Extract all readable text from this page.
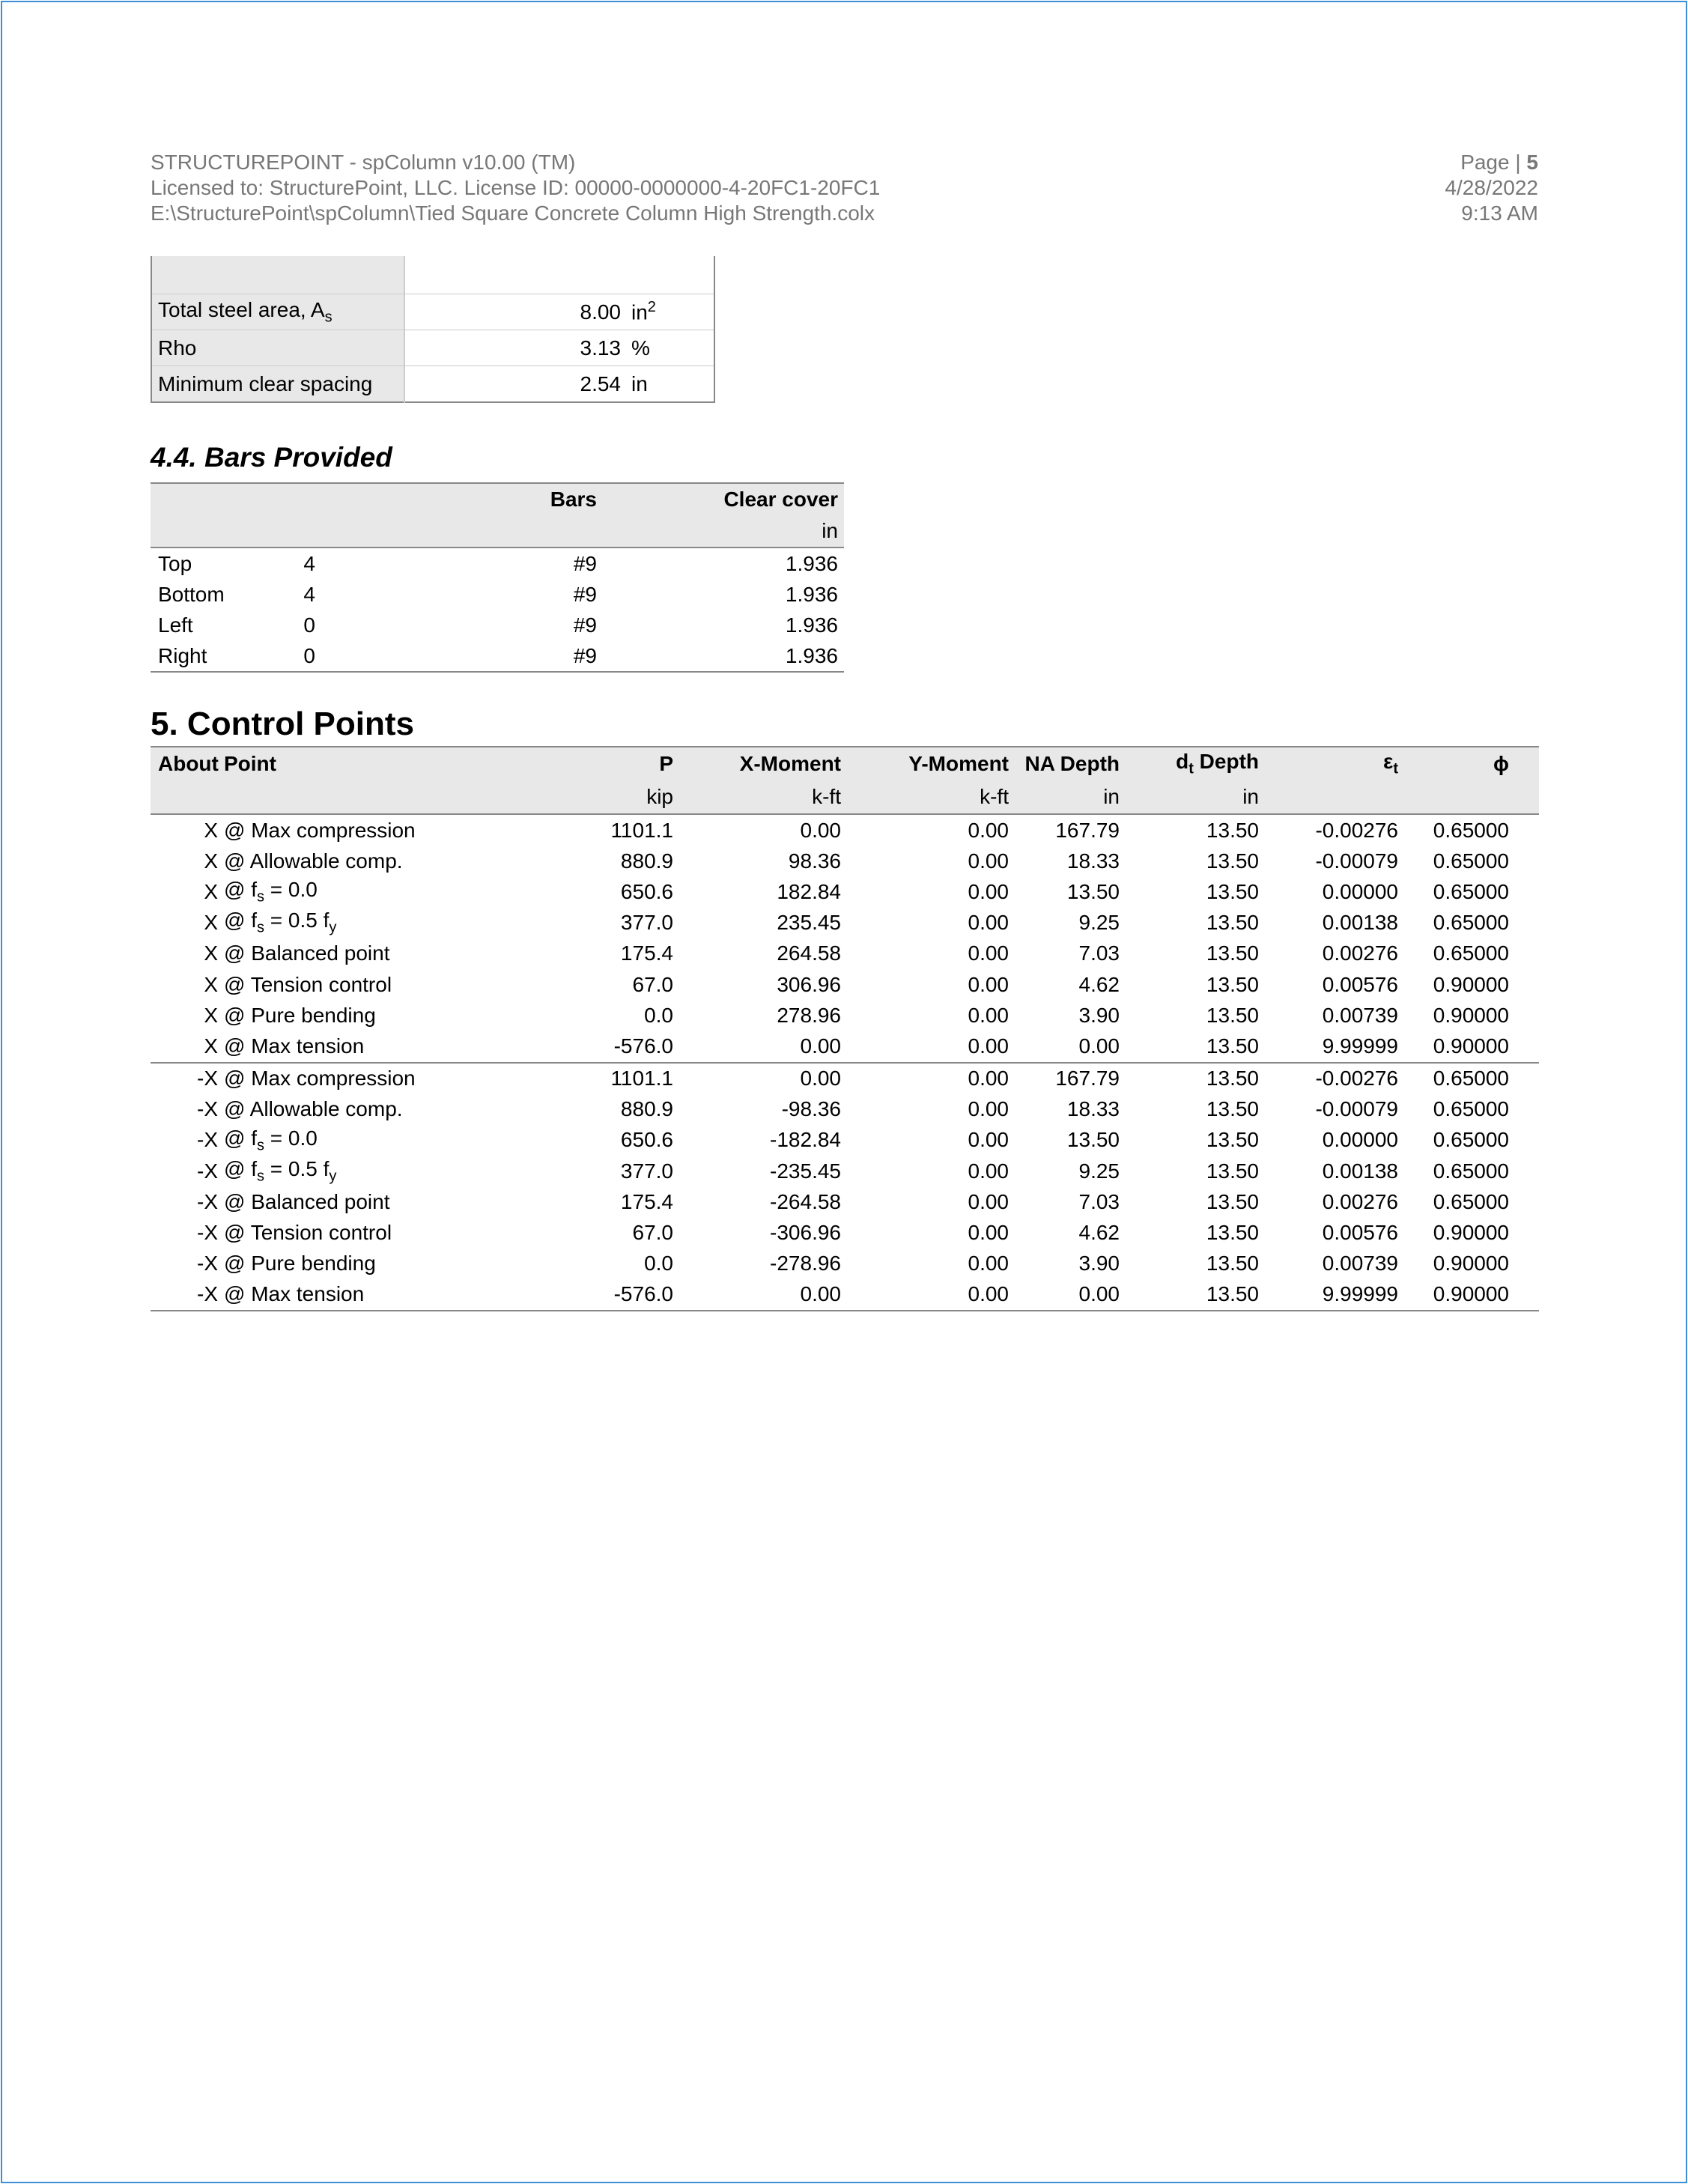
STRUCTUREPOINT - spColumn v10.00 (TM)
Licensed to: StructurePoint, LLC. License ID: 00000-0000000-4-20FC1-20FC1
E:\StructurePoint\spColumn\Tied Square Concrete Column High Strength.colx
Page | 5
4/28/2022
9:13 AM

Total steel area, $A_s$	8.00	$in^2$
Rho	3.13	%
Minimum clear spacing	2.54	in
4.4. Bars Provided
		Bars	Clear cover
			in
Top	4	#9	1.936
Bottom	4	#9	1.936
Left	0	#9	1.936
Right	0	#9	1.936
5. Control Points
About	Point	P	X-Moment	Y-Moment	NA Depth	$d_t$ Depth	$\varepsilon_t$	ϕ
		kip	k-ft	k-ft	in	in		
X	@ Max compression	1101.1	0.00	0.00	167.79	13.50	-0.00276	0.65000
X	@ Allowable comp.	880.9	98.36	0.00	18.33	13.50	-0.00079	0.65000
X	@ $f_s = 0.0$	650.6	182.84	0.00	13.50	13.50	0.00000	0.65000
X	@ $f_s = 0.5$ $f_y$	377.0	235.45	0.00	9.25	13.50	0.00138	0.65000
X	@ Balanced point	175.4	264.58	0.00	7.03	13.50	0.00276	0.65000
X	@ Tension control	67.0	306.96	0.00	4.62	13.50	0.00576	0.90000
X	@ Pure bending	0.0	278.96	0.00	3.90	13.50	0.00739	0.90000
X	@ Max tension	-576.0	0.00	0.00	0.00	13.50	9.99999	0.90000
-X	@ Max compression	1101.1	0.00	0.00	167.79	13.50	-0.00276	0.65000
-X	@ Allowable comp.	880.9	-98.36	0.00	18.33	13.50	-0.00079	0.65000
-X	@ $f_s = 0.0$	650.6	-182.84	0.00	13.50	13.50	0.00000	0.65000
-X	@ $f_s = 0.5$ $f_y$	377.0	-235.45	0.00	9.25	13.50	0.00138	0.65000
-X	@ Balanced point	175.4	-264.58	0.00	7.03	13.50	0.00276	0.65000
-X	@ Tension control	67.0	-306.96	0.00	4.62	13.50	0.00576	0.90000
-X	@ Pure bending	0.0	-278.96	0.00	3.90	13.50	0.00739	0.90000
-X	@ Max tension	-576.0	0.00	0.00	0.00	13.50	9.99999	0.90000
